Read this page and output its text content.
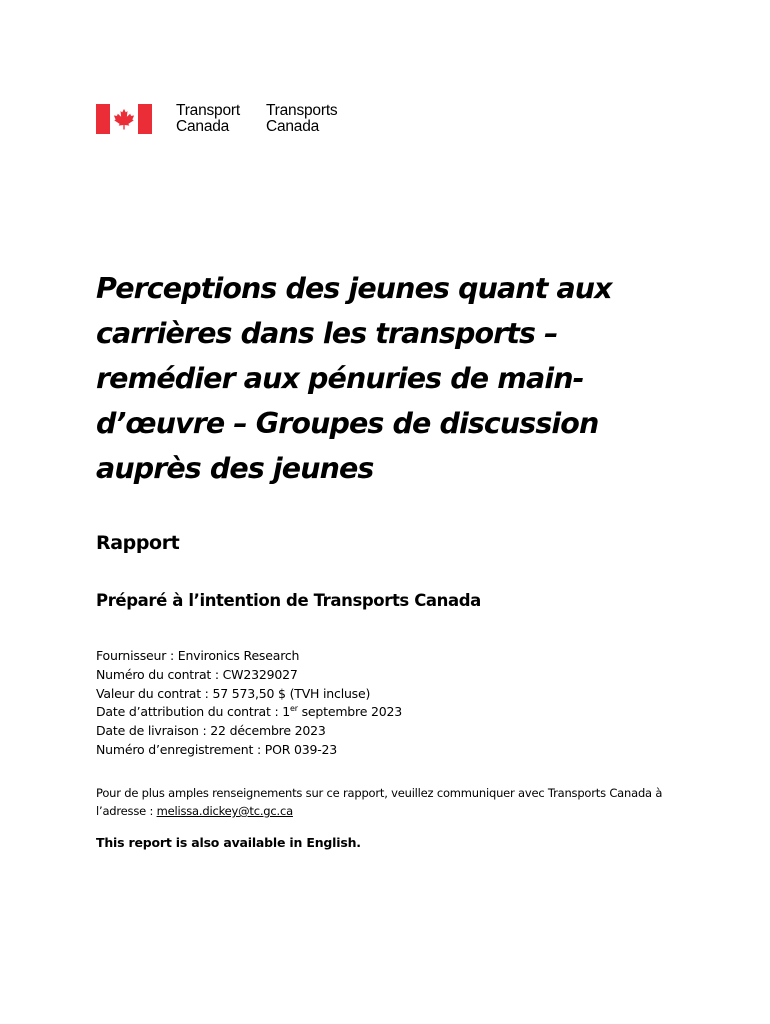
Transport
Canada
Transports
Canada
Perceptions des jeunes quant aux
carrières dans les transports –
remédier aux pénuries de main-
d’œuvre – Groupes de discussion
auprès des jeunes
Rapport
Préparé à l’intention de Transports Canada
Fournisseur : Environics Research
Numéro du contrat : CW2329027
Valeur du contrat : 57 573,50 $ (TVH incluse)
Date d’attribution du contrat : 1er septembre 2023
Date de livraison : 22 décembre 2023
Numéro d’enregistrement : POR 039-23

Pour de plus amples renseignements sur ce rapport, veuillez communiquer avec Transports Canada à l’adresse : melissa.dickey@tc.gc.ca

This report is also available in English.
